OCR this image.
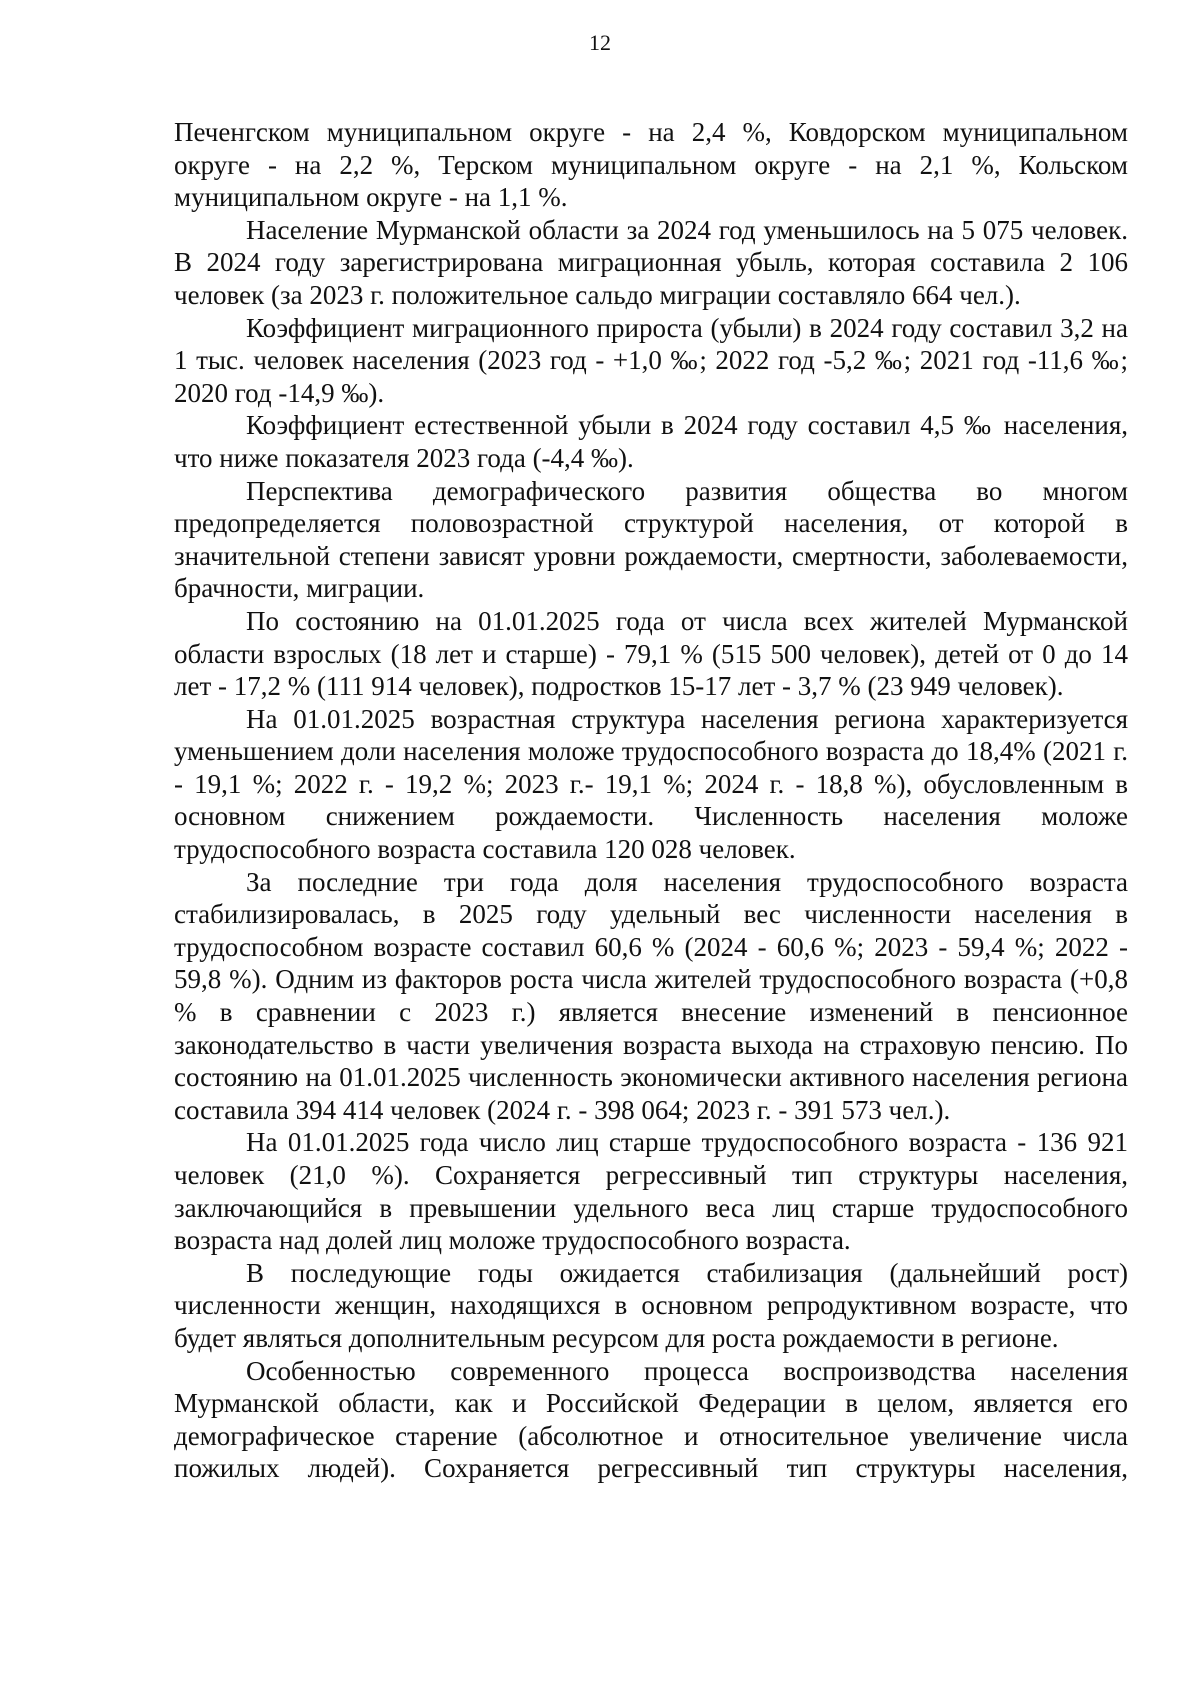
12

Печенгском муниципальном округе - на 2,4 %, Ковдорском муниципальном округе - на 2,2 %, Терском муниципальном округе - на 2,1 %, Кольском муниципальном округе - на 1,1 %.

Население Мурманской области за 2024 год уменьшилось на 5 075 человек. В 2024 году зарегистрирована миграционная убыль, которая составила 2 106 человек (за 2023 г. положительное сальдо миграции составляло 664 чел.).

Коэффициент миграционного прироста (убыли) в 2024 году составил 3,2 на 1 тыс. человек населения (2023 год - +1,0 ‰; 2022 год -5,2 ‰; 2021 год -11,6 ‰; 2020 год -14,9 ‰).

Коэффициент естественной убыли в 2024 году составил 4,5 ‰ населения, что ниже показателя 2023 года (-4,4 ‰).

Перспектива демографического развития общества во многом предопределяется половозрастной структурой населения, от которой в значительной степени зависят уровни рождаемости, смертности, заболеваемости, брачности, миграции.

По состоянию на 01.01.2025 года от числа всех жителей Мурманской области взрослых (18 лет и старше) - 79,1 % (515 500 человек), детей от 0 до 14 лет - 17,2 % (111 914 человек), подростков 15-17 лет - 3,7 % (23 949 человек).

На 01.01.2025 возрастная структура населения региона характеризуется уменьшением доли населения моложе трудоспособного возраста до 18,4% (2021 г. - 19,1 %; 2022 г. - 19,2 %; 2023 г.- 19,1 %; 2024 г. - 18,8 %), обусловленным в основном снижением рождаемости. Численность населения моложе трудоспособного возраста составила 120 028 человек.

За последние три года доля населения трудоспособного возраста стабилизировалась, в 2025 году удельный вес численности населения в трудоспособном возрасте составил 60,6 % (2024 - 60,6 %; 2023 - 59,4 %; 2022 - 59,8 %). Одним из факторов роста числа жителей трудоспособного возраста (+0,8 % в сравнении с 2023 г.) является внесение изменений в пенсионное законодательство в части увеличения возраста выхода на страховую пенсию. По состоянию на 01.01.2025 численность экономически активного населения региона составила 394 414 человек (2024 г. - 398 064; 2023 г. - 391 573 чел.).

На 01.01.2025 года число лиц старше трудоспособного возраста - 136 921 человек (21,0 %). Сохраняется регрессивный тип структуры населения, заключающийся в превышении удельного веса лиц старше трудоспособного возраста над долей лиц моложе трудоспособного возраста.

В последующие годы ожидается стабилизация (дальнейший рост) численности женщин, находящихся в основном репродуктивном возрасте, что будет являться дополнительным ресурсом для роста рождаемости в регионе.

Особенностью современного процесса воспроизводства населения Мурманской области, как и Российской Федерации в целом, является его демографическое старение (абсолютное и относительное увеличение числа пожилых людей). Сохраняется регрессивный тип структуры населения,
